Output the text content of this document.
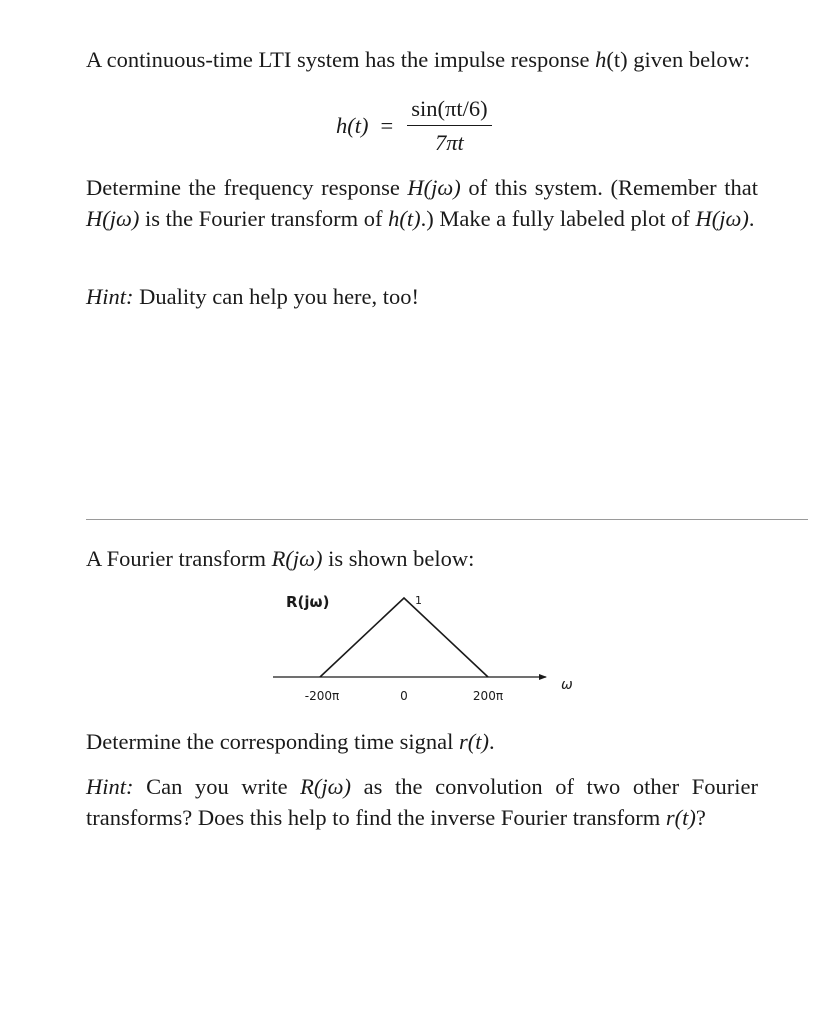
A continuous-time LTI system has the impulse response h(t) given below:
$h(t) = \frac{\sin(\pi t/6)}{7\pi t}$
Determine the frequency response H(jω) of this system. (Remember that H(jω) is the Fourier transform of h(t).) Make a fully labeled plot of H(jω).
Hint: Duality can help you here, too!
A Fourier transform R(jω) is shown below:
R(jω)	1
ω
-200π	0	200π
Determine the corresponding time signal r(t).
Hint: Can you write R(jω) as the convolution of two other Fourier transforms? Does this help to find the inverse Fourier transform r(t)?
